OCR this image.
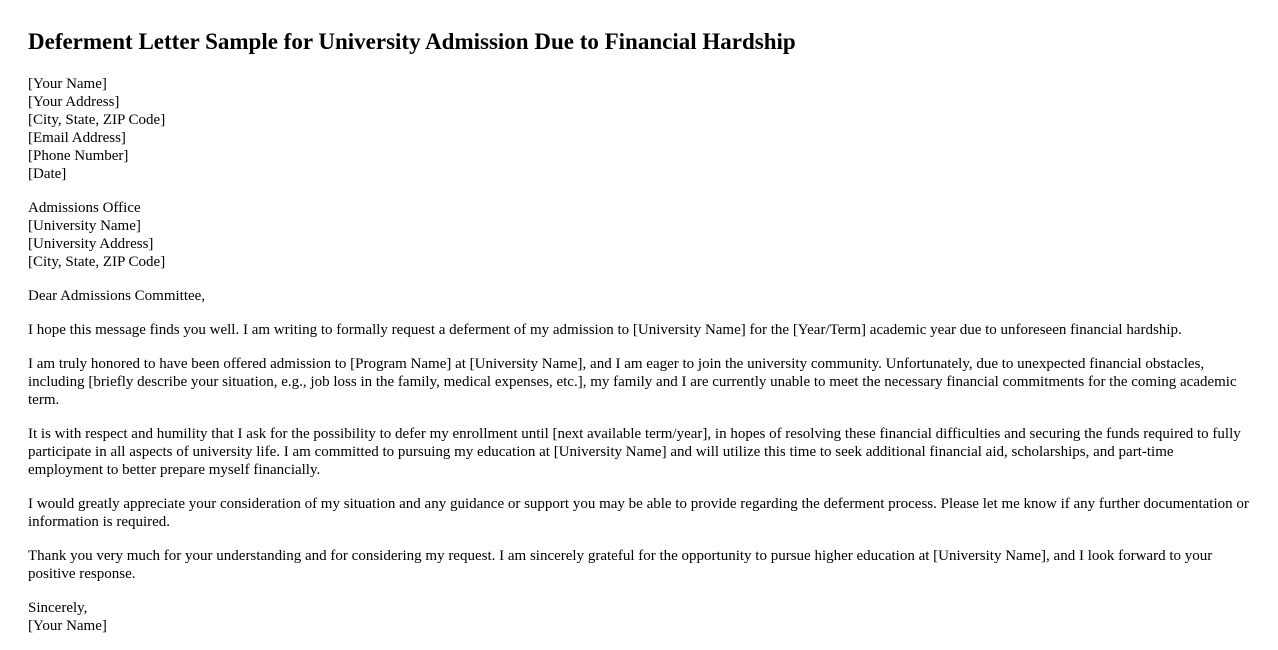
Deferment Letter Sample for University Admission Due to Financial Hardship
[Your Name]
[Your Address]
[City, State, ZIP Code]
[Email Address]
[Phone Number]
[Date]
Admissions Office
[University Name]
[University Address]
[City, State, ZIP Code]

Dear Admissions Committee,

I hope this message finds you well. I am writing to formally request a deferment of my admission to [University Name] for the [Year/Term] academic year due to unforeseen financial hardship.

I am truly honored to have been offered admission to [Program Name] at [University Name], and I am eager to join the university community. Unfortunately, due to unexpected financial obstacles, including [briefly describe your situation, e.g., job loss in the family, medical expenses, etc.], my family and I are currently unable to meet the necessary financial commitments for the coming academic term.

It is with respect and humility that I ask for the possibility to defer my enrollment until [next available term/year], in hopes of resolving these financial difficulties and securing the funds required to fully participate in all aspects of university life. I am committed to pursuing my education at [University Name] and will utilize this time to seek additional financial aid, scholarships, and part-time employment to better prepare myself financially.

I would greatly appreciate your consideration of my situation and any guidance or support you may be able to provide regarding the deferment process. Please let me know if any further documentation or information is required.

Thank you very much for your understanding and for considering my request. I am sincerely grateful for the opportunity to pursue higher education at [University Name], and I look forward to your positive response.

Sincerely,
[Your Name]
